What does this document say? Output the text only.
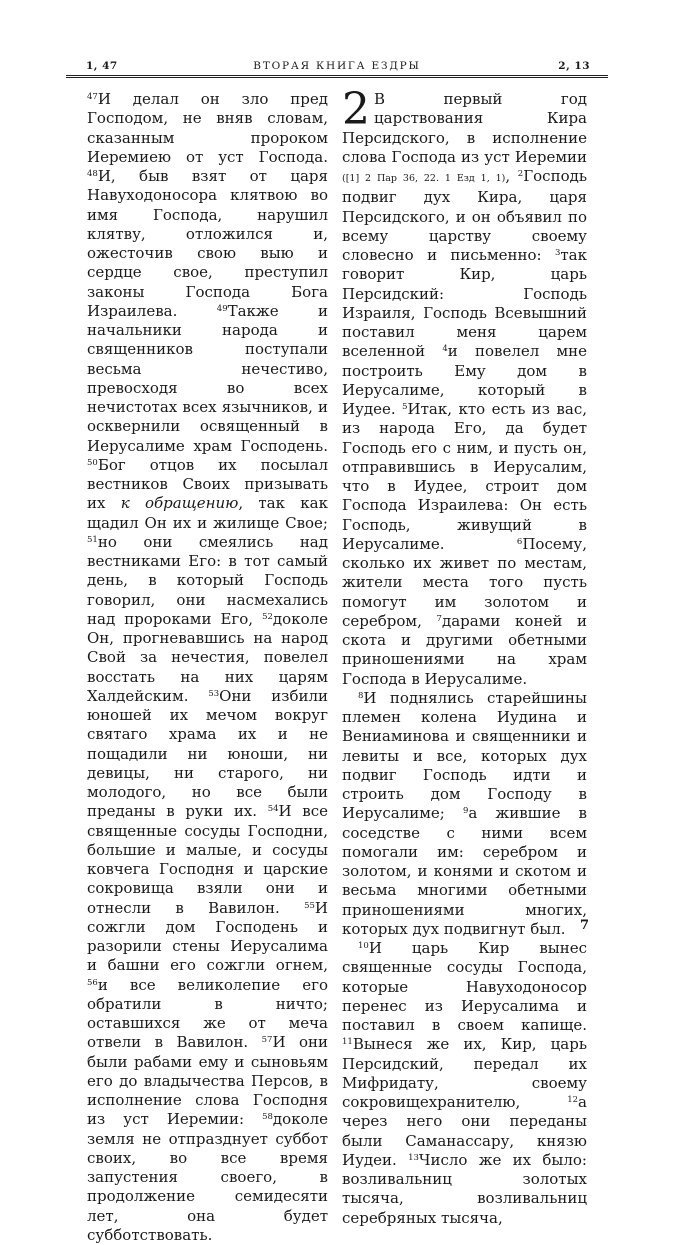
1, 47	ВТОРАЯ КНИГА ЕЗДРЫ	2, 13

$^{47}$И делал он зло пред Господом, не вняв словам, сказанным пророком Иеремиею от уст Господа. $^{48}$И, быв взят от царя Навуходоносора клятвою во имя Господа, нарушил клятву, отложился и, ожесточив свою выю и сердце свое, преступил законы Господа Бога Израилева. $^{49}$Также и начальники народа и священников поступали весьма нечестиво, превосходя во всех нечистотах всех язычников, и осквернили освященный в Иерусалиме храм Господень. $^{50}$Бог отцов их посылал вестников Своих призывать их к обращению, так как щадил Он их и жилище Свое; $^{51}$но они смеялись над вестниками Его: в тот самый день, в который Господь говорил, они насмехались над пророками Его, $^{52}$доколе Он, прогневавшись на народ Свой за нечестия, повелел восстать на них царям Халдейским. $^{53}$Они избили юношей их мечом вокруг святаго храма их и не пощадили ни юноши, ни девицы, ни старого, ни молодого, но все были преданы в руки их. $^{54}$И все священные сосуды Господни, большие и малые, и сосуды ковчега Господня и царские сокровища взяли они и отнесли в Вавилон. $^{55}$И сожгли дом Господень и разорили стены Иерусалима и башни его сожгли огнем, $^{56}$и все великолепие его обратили в ничто; оставшихся же от меча отвели в Вавилон. $^{57}$И они были рабами ему и сыновьям его до владычества Персов, в исполнение слова Господня из уст Иеремии: $^{58}$доколе земля не отпразднует суббот своих, во все время запустения своего, в продолжение семидесяти лет, она будет субботствовать.

2 В первый год царствования Кира Персидского, в исполнение слова Господа из уст Иеремии ([1] 2 Пар 36, 22. 1 Езд 1, 1), $^2$Господь подвиг дух Кира, царя Персидского, и он объявил по всему царству своему словесно и письменно: $^3$так говорит Кир, царь Персидский: Господь Израиля, Господь Всевышний поставил меня царем вселенной $^4$и повелел мне построить Ему дом в Иерусалиме, который в Иудее. $^5$Итак, кто есть из вас, из народа Его, да будет Господь его с ним, и пусть он, отправившись в Иерусалим, что в Иудее, строит дом Господа Израилева: Он есть Господь, живущий в Иерусалиме. $^6$Посему, сколько их живет по местам, жители места того пусть помогут им золотом и серебром, $^7$дарами коней и скота и другими обетными приношениями на храм Господа в Иерусалиме.

$^8$И поднялись старейшины племен колена Иудина и Вениаминова и священники и левиты и все, которых дух подвиг Господь идти и строить дом Господу в Иерусалиме; $^9$а жившие в соседстве с ними всем помогали им: серебром и золотом, и конями и скотом и весьма многими обетными приношениями многих, которых дух подвигнут был.

$^{10}$И царь Кир вынес священные сосуды Господа, которые Навуходоносор перенес из Иерусалима и поставил в своем капище. $^{11}$Вынеся же их, Кир, царь Персидский, передал их Мифридату, своему сокровищехранителю, $^{12}$а через него они переданы были Саманассару, князю Иудеи. $^{13}$Число же их было: возливальниц золотых тысяча, возливальниц серебряных тысяча,

7
